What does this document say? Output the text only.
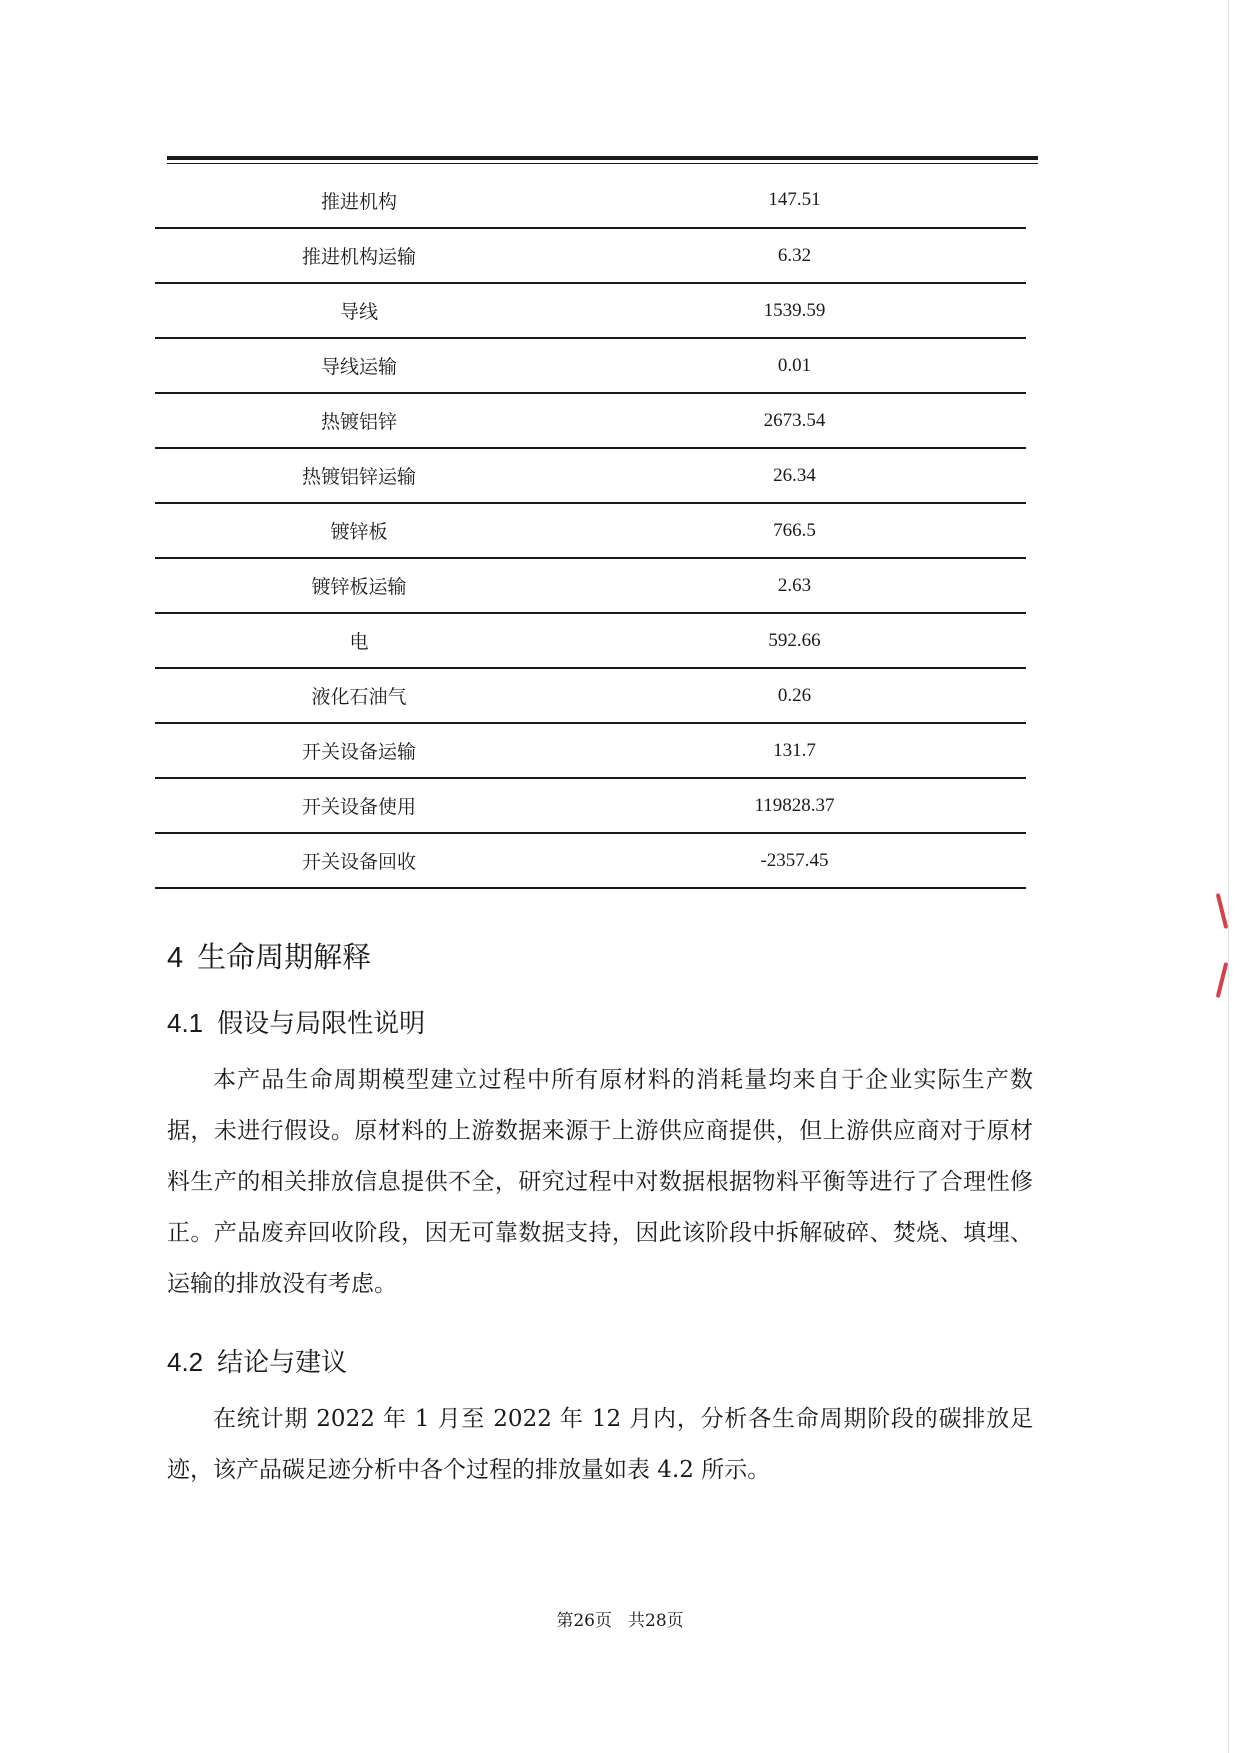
推进机构	147.51
推进机构运输	6.32
导线	1539.59
导线运输	0.01
热镀铝锌	2673.54
热镀铝锌运输	26.34
镀锌板	766.5
镀锌板运输	2.63
电	592.66
液化石油气	0.26
开关设备运输	131.7
开关设备使用	119828.37
开关设备回收	-2357.45
4 生命周期解释
4.1 假设与局限性说明

本产品生命周期模型建立过程中所有原材料的消耗量均来自于企业实际生产数据，未进行假设。原材料的上游数据来源于上游供应商提供，但上游供应商对于原材料生产的相关排放信息提供不全，研究过程中对数据根据物料平衡等进行了合理性修正。产品废弃回收阶段，因无可靠数据支持，因此该阶段中拆解破碎、焚烧、填埋、运输的排放没有考虑。

4.2 结论与建议

在统计期 2022 年 1 月至 2022 年 12 月内，分析各生命周期阶段的碳排放足迹，该产品碳足迹分析中各个过程的排放量如表 4.2 所示。

第26页 共28页
